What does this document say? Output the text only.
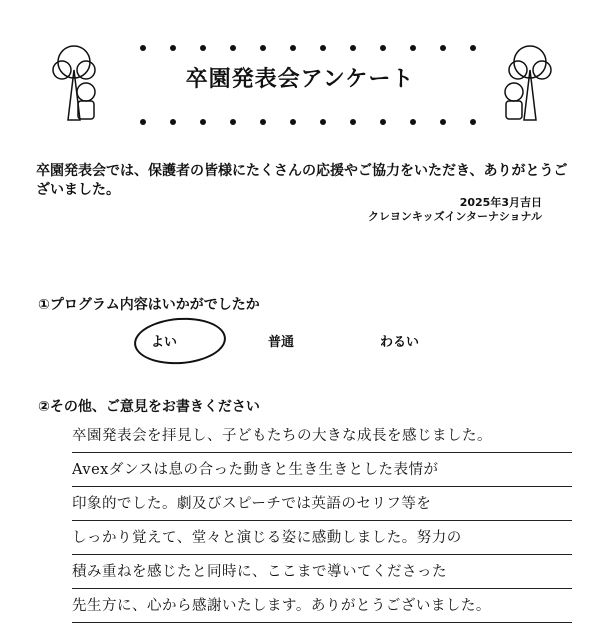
卒園発表会アンケート
卒園発表会では、保護者の皆様にたくさんの応援やご協力をいただき、ありがとうございました。
2025年3月吉日
クレヨンキッズインターナショナル
①プログラム内容はいかがでしたか
よい	普通	わるい
②その他、ご意見をお書きください
卒園発表会を拝見し、子どもたちの大きな成長を感じました。
Avexダンスは息の合った動きと生き生きとした表情が
印象的でした。劇及びスピーチでは英語のセリフ等を
しっかり覚えて、堂々と演じる姿に感動しました。努力の
積み重ねを感じたと同時に、ここまで導いてくださった
先生方に、心から感謝いたします。ありがとうございました。
